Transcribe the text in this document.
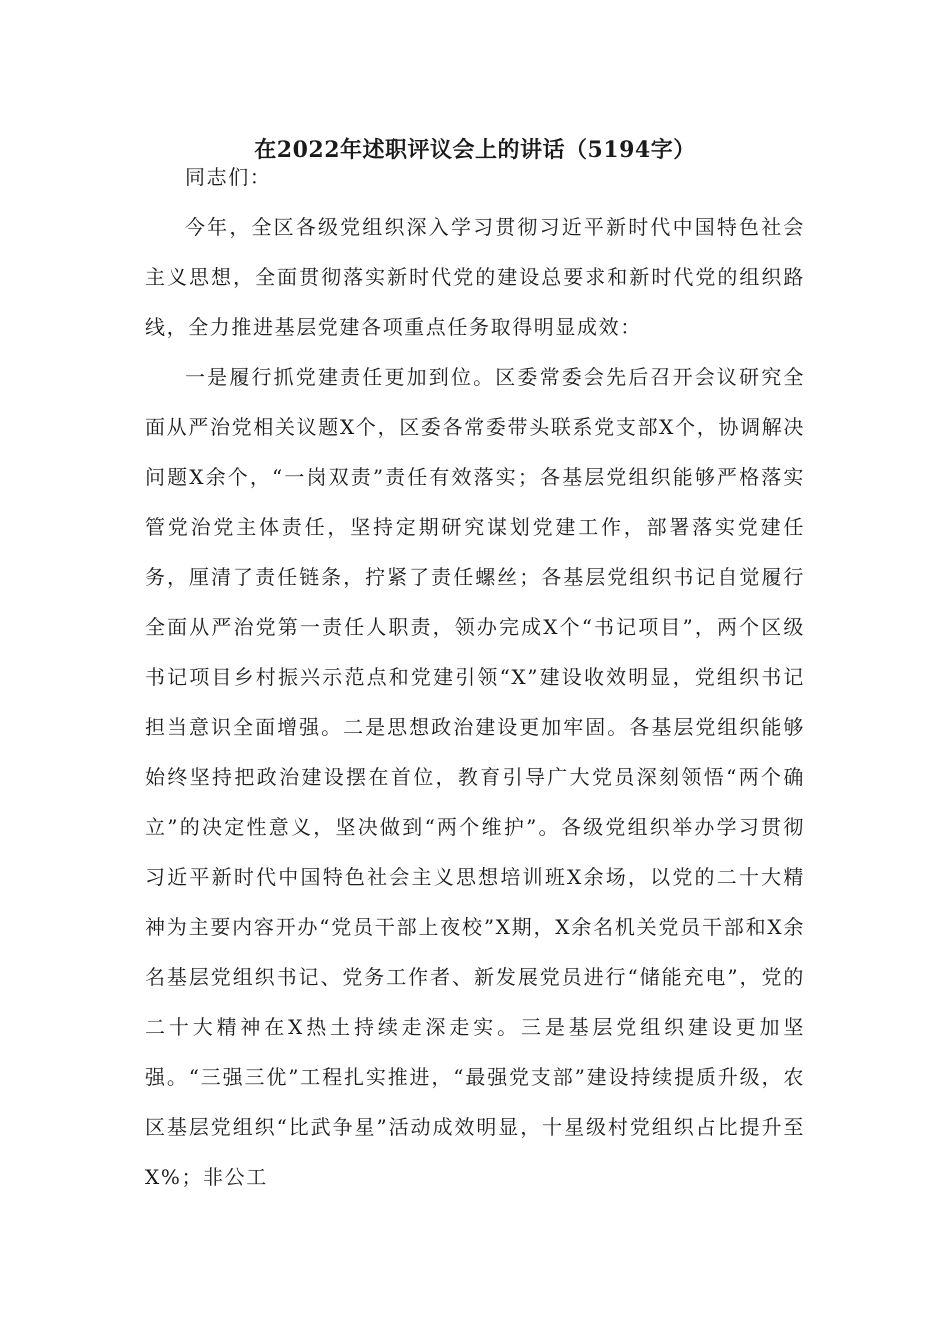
在2022年述职评议会上的讲话（5194字）

同志们：

今年，全区各级党组织深入学习贯彻习近平新时代中国特色社会主义思想，全面贯彻落实新时代党的建设总要求和新时代党的组织路线，全力推进基层党建各项重点任务取得明显成效：

一是履行抓党建责任更加到位。区委常委会先后召开会议研究全面从严治党相关议题X个，区委各常委带头联系党支部X个，协调解决问题X余个，“一岗双责”责任有效落实；各基层党组织能够严格落实管党治党主体责任，坚持定期研究谋划党建工作，部署落实党建任务，厘清了责任链条，拧紧了责任螺丝；各基层党组织书记自觉履行全面从严治党第一责任人职责，领办完成X个“书记项目”，两个区级书记项目乡村振兴示范点和党建引领“X”建设收效明显，党组织书记担当意识全面增强。二是思想政治建设更加牢固。各基层党组织能够始终坚持把政治建设摆在首位，教育引导广大党员深刻领悟“两个确立”的决定性意义，坚决做到“两个维护”。各级党组织举办学习贯彻习近平新时代中国特色社会主义思想培训班X余场，以党的二十大精神为主要内容开办“党员干部上夜校”X期，X余名机关党员干部和X余名基层党组织书记、党务工作者、新发展党员进行“储能充电”，党的二十大精神在X热土持续走深走实。三是基层党组织建设更加坚强。“三强三优”工程扎实推进，“最强党支部”建设持续提质升级，农区基层党组织“比武争星”活动成效明显，十星级村党组织占比提升至X%；非公工
